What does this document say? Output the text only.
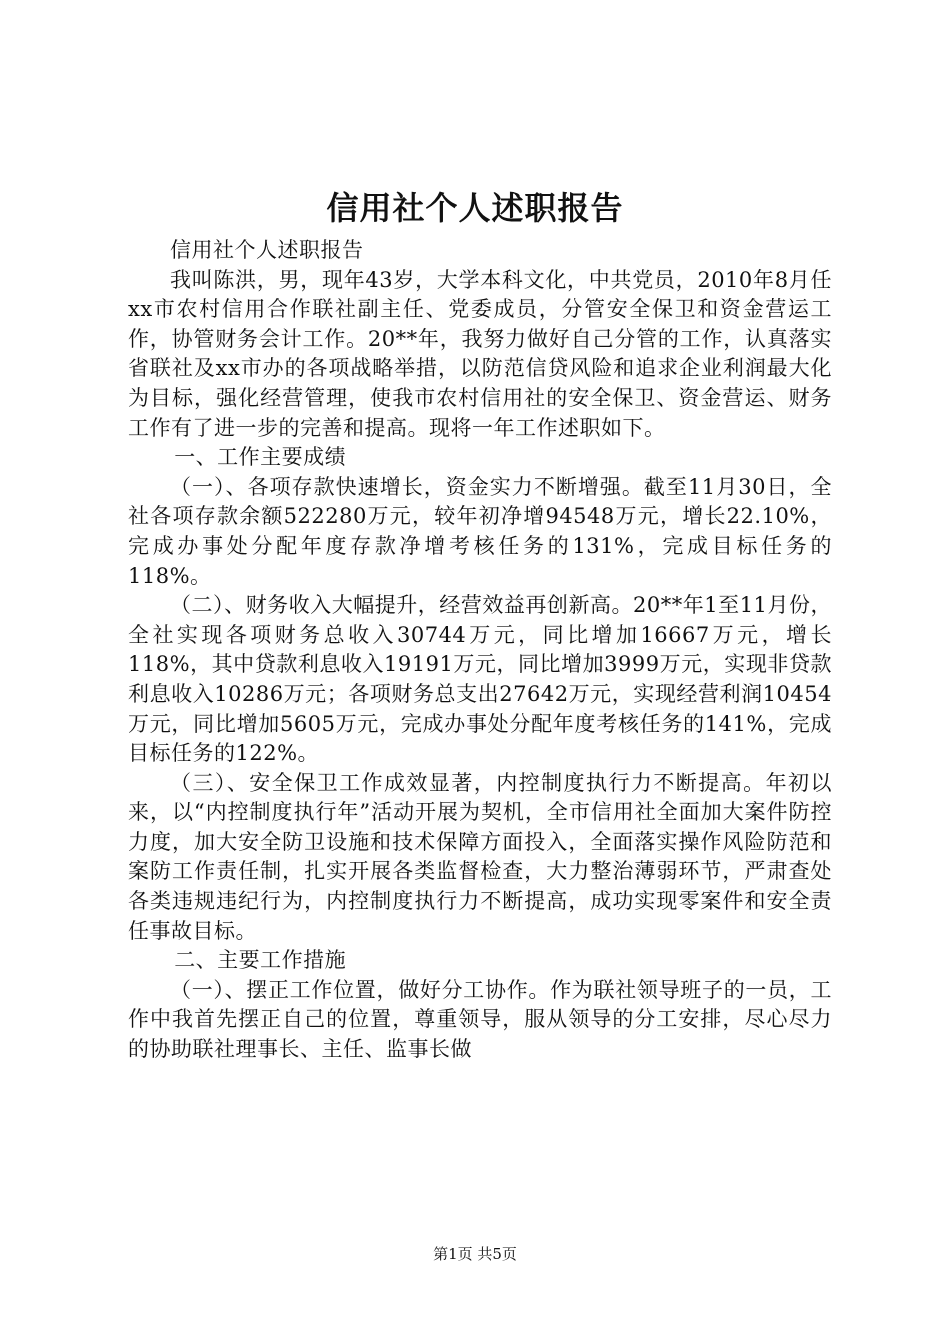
信用社个人述职报告

信用社个人述职报告

我叫陈洪，男，现年43岁，大学本科文化，中共党员，2010年8月任xx市农村信用合作联社副主任、党委成员，分管安全保卫和资金营运工作，协管财务会计工作。20**年，我努力做好自己分管的工作，认真落实省联社及xx市办的各项战略举措，以防范信贷风险和追求企业利润最大化为目标，强化经营管理，使我市农村信用社的安全保卫、资金营运、财务工作有了进一步的完善和提高。现将一年工作述职如下。

一、工作主要成绩

（一）、各项存款快速增长，资金实力不断增强。截至11月30日，全社各项存款余额522280万元，较年初净增94548万元，增长22.10%，完成办事处分配年度存款净增考核任务的131%，完成目标任务的118%。

（二）、财务收入大幅提升，经营效益再创新高。20**年1至11月份，全社实现各项财务总收入30744万元，同比增加16667万元，增长118%，其中贷款利息收入19191万元，同比增加3999万元，实现非贷款利息收入10286万元；各项财务总支出27642万元，实现经营利润10454万元，同比增加5605万元，完成办事处分配年度考核任务的141%，完成目标任务的122%。

（三）、安全保卫工作成效显著，内控制度执行力不断提高。年初以来，以“内控制度执行年”活动开展为契机，全市信用社全面加大案件防控力度，加大安全防卫设施和技术保障方面投入，全面落实操作风险防范和案防工作责任制，扎实开展各类监督检查，大力整治薄弱环节，严肃查处各类违规违纪行为，内控制度执行力不断提高，成功实现零案件和安全责任事故目标。

二、主要工作措施

（一）、摆正工作位置，做好分工协作。作为联社领导班子的一员，工作中我首先摆正自己的位置，尊重领导，服从领导的分工安排，尽心尽力的协助联社理事长、主任、监事长做

第1页 共5页
